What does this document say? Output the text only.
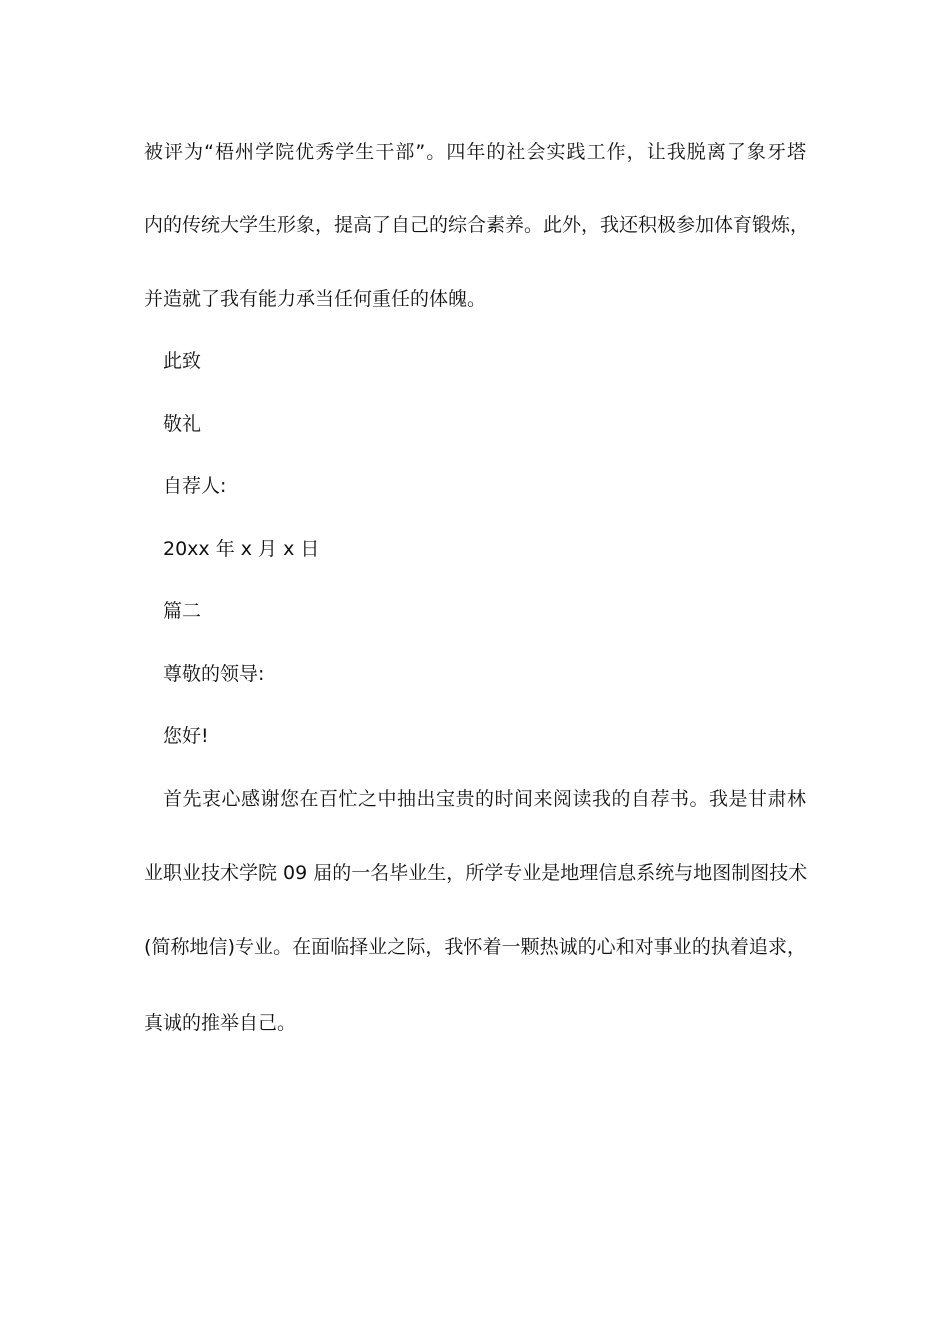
被评为“梧州学院优秀学生干部”。四年的社会实践工作，让我脱离了象牙塔
内的传统大学生形象，提高了自己的综合素养。此外，我还积极参加体育锻炼，
并造就了我有能力承当任何重任的体魄。
此致
敬礼
自荐人:
20xx 年 x 月 x 日
篇二
尊敬的领导:
您好!
首先衷心感谢您在百忙之中抽出宝贵的时间来阅读我的自荐书。我是甘肃林
业职业技术学院 09 届的一名毕业生，所学专业是地理信息系统与地图制图技术
(简称地信)专业。在面临择业之际，我怀着一颗热诚的心和对事业的执着追求，
真诚的推举自己。
